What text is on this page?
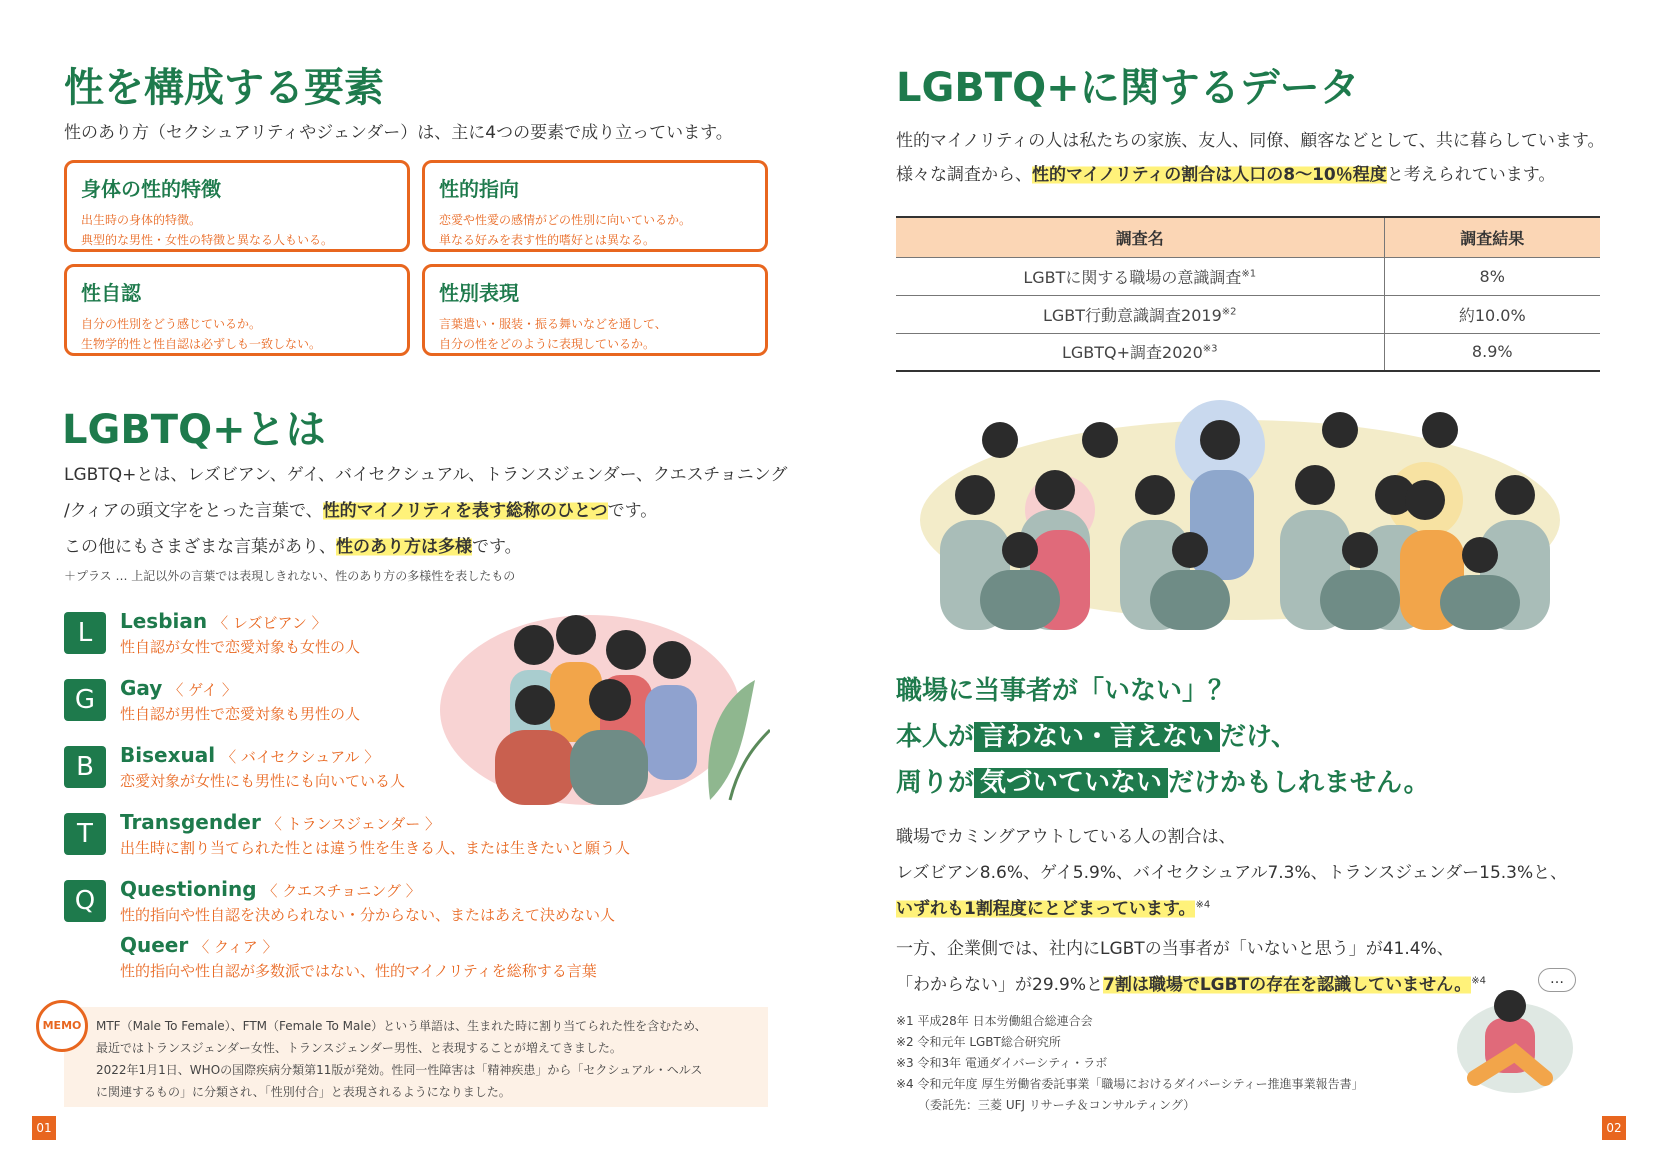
性を構成する要素
性のあり方（セクシュアリティやジェンダー）は、主に4つの要素で成り立っています。
身体の性的特徴
出生時の身体的特徴。
典型的な男性・女性の特徴と異なる人もいる。
性的指向
恋愛や性愛の感情がどの性別に向いているか。
単なる好みを表す性的嗜好とは異なる。
性自認
自分の性別をどう感じているか。
生物学的性と性自認は必ずしも一致しない。
性別表現
言葉遣い・服装・振る舞いなどを通して、
自分の性をどのように表現しているか。
LGBTQ+とは
LGBTQ+とは、レズビアン、ゲイ、バイセクシュアル、トランスジェンダー、クエスチョニング
/クィアの頭文字をとった言葉で、性的マイノリティを表す総称のひとつです。
この他にもさまざまな言葉があり、性のあり方は多様です。
＋プラス … 上記以外の言葉では表現しきれない、性のあり方の多様性を表したもの
L	Lesbian 〈 レズビアン 〉
性自認が女性で恋愛対象も女性の人
G	Gay 〈 ゲイ 〉
性自認が男性で恋愛対象も男性の人
B	Bisexual 〈 バイセクシュアル 〉
恋愛対象が女性にも男性にも向いている人
T	Transgender 〈 トランスジェンダー 〉
出生時に割り当てられた性とは違う性を生きる人、または生きたいと願う人
Q	Questioning 〈 クエスチョニング 〉
性的指向や性自認を決められない・分からない、またはあえて決めない人
Queer 〈 クィア 〉
性的指向や性自認が多数派ではない、性的マイノリティを総称する言葉
MEMO	MTF（Male To Female）、FTM（Female To Male）という単語は、生まれた時に割り当てられた性を含むため、
最近ではトランスジェンダー女性、トランスジェンダー男性、と表現することが増えてきました。
2022年1月1日、WHOの国際疾病分類第11版が発効。性同一性障害は「精神疾患」から「セクシュアル・ヘルス
に関連するもの」に分類され、「性別付合」と表現されるようになりました。
01
LGBTQ+に関するデータ
性的マイノリティの人は私たちの家族、友人、同僚、顧客などとして、共に暮らしています。
様々な調査から、性的マイノリティの割合は人口の8～10％程度と考えられています。
調査名	調査結果
LGBTに関する職場の意識調査$^{※1}$	8%
LGBT行動意識調査2019$^{※2}$	約10.0%
LGBTQ+調査2020$^{※3}$	8.9%
職場に当事者が「いない」？
本人が 言わない・言えない だけ、
周りが 気づいていない だけかもしれません。
職場でカミングアウトしている人の割合は、
レズビアン8.6%、ゲイ5.9%、バイセクシュアル7.3%、トランスジェンダー15.3%と、
いずれも1割程度にとどまっています。$^{※4}$
一方、企業側では、社内にLGBTの当事者が「いないと思う」が41.4%、
「わからない」が29.9%と7割は職場でLGBTの存在を認識していません。$^{※4}$
※1 平成28年 日本労働組合総連合会
※2 令和元年 LGBT総合研究所
※3 令和3年 電通ダイバーシティ・ラボ
※4 令和元年度 厚生労働省委託事業「職場におけるダイバーシティー推進事業報告書」
（委託先：三菱 UFJ リサーチ＆コンサルティング）
…
02
